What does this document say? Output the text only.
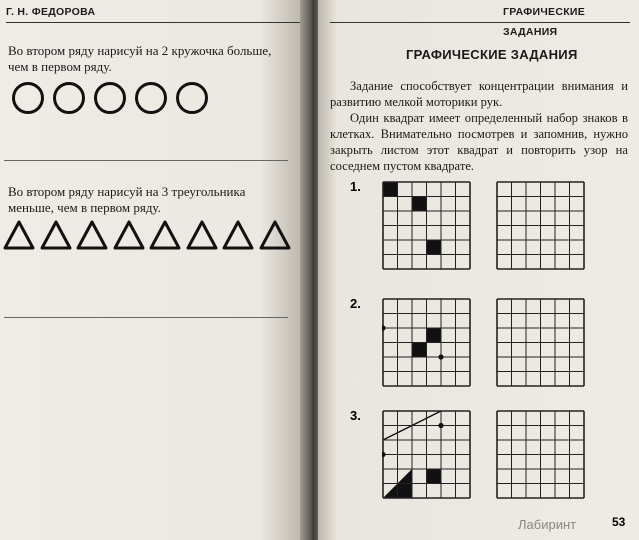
Г. Н. ФЕДОРОВА
Во втором ряду нарисуй на 2 кружочка больше, чем в первом ряду.
Во втором ряду нарисуй на 3 треугольника меньше, чем в первом ряду.
ГРАФИЧЕСКИЕ ЗАДАНИЯ
ГРАФИЧЕСКИЕ ЗАДАНИЯ
Задание способствует концентрации внимания и развитию мелкой моторики рук.
Один квадрат имеет определенный набор знаков в клетках. Внимательно посмотрев и запомнив, нужно закрыть листом этот квадрат и повторить узор на соседнем пустом квадрате.
1.
2.
3.
Лабиринт	53
